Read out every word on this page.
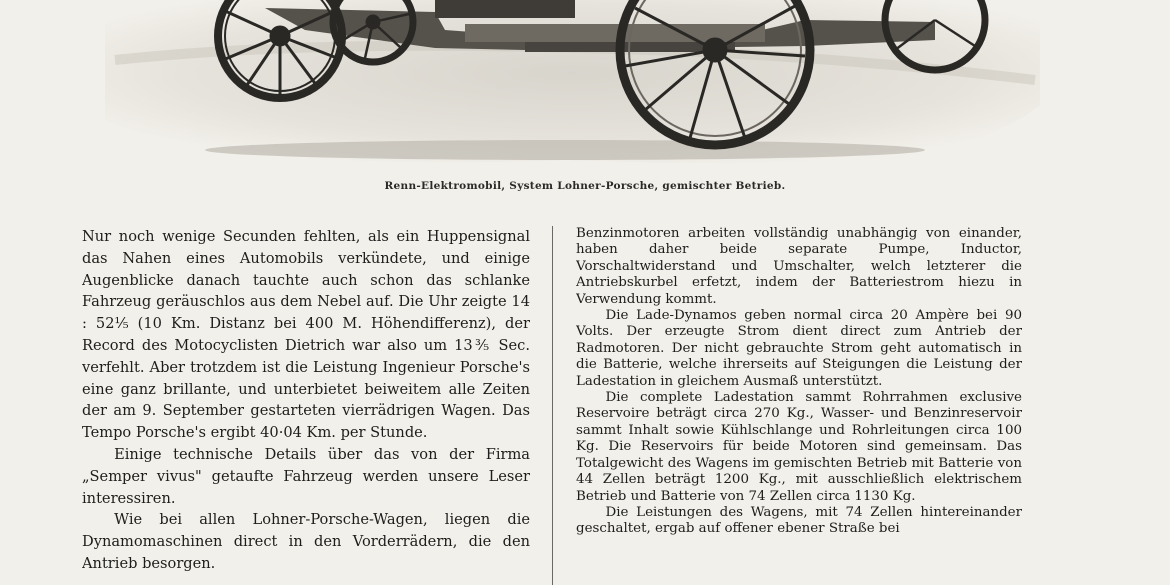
Renn-Elektromobil, System Lohner-Porsche, gemischter Betrieb.

Nur noch wenige Secunden fehlten, als ein Huppensignal das Nahen eines Automobils verkündete, und einige Augenblicke danach tauchte auch schon das schlanke Fahrzeug geräuschlos aus dem Nebel auf. Die Uhr zeigte 14 : 52⅕ (10 Km. Distanz bei 400 M. Höhendifferenz), der Record des Motocyclisten Dietrich war also um 13⅗ Sec. verfehlt. Aber trotzdem ist die Leistung Ingenieur Porsche's eine ganz brillante, und unterbietet beiweitem alle Zeiten der am 9. September gestarteten vierrädrigen Wagen. Das Tempo Porsche's ergibt 40·04 Km. per Stunde.

Einige technische Details über das von der Firma „Semper vivus" getaufte Fahrzeug werden unsere Leser interessiren.

Wie bei allen Lohner-Porsche-Wagen, liegen die Dynamomaschinen direct in den Vorderrädern, die den Antrieb besorgen.

Benzinmotoren arbeiten vollständig unabhängig von einander, haben daher beide separate Pumpe, Inductor, Vorschaltwiderstand und Umschalter, welch letzterer die Antriebskurbel erfetzt, indem der Batteriestrom hiezu in Verwendung kommt.

Die Lade-Dynamos geben normal circa 20 Ampère bei 90 Volts. Der erzeugte Strom dient direct zum Antrieb der Radmotoren. Der nicht gebrauchte Strom geht automatisch in die Batterie, welche ihrerseits auf Steigungen die Leistung der Ladestation in gleichem Ausmaß unterstützt.

Die complete Ladestation sammt Rohrrahmen exclusive Reservoire beträgt circa 270 Kg., Wasser- und Benzinreservoir sammt Inhalt sowie Kühlschlange und Rohrleitungen circa 100 Kg. Die Reservoirs für beide Motoren sind gemeinsam. Das Totalgewicht des Wagens im gemischten Betrieb mit Batterie von 44 Zellen beträgt 1200 Kg., mit ausschließlich elektrischem Betrieb und Batterie von 74 Zellen circa 1130 Kg.

Die Leistungen des Wagens, mit 74 Zellen hintereinander geschaltet, ergab auf offener ebener Straße bei
